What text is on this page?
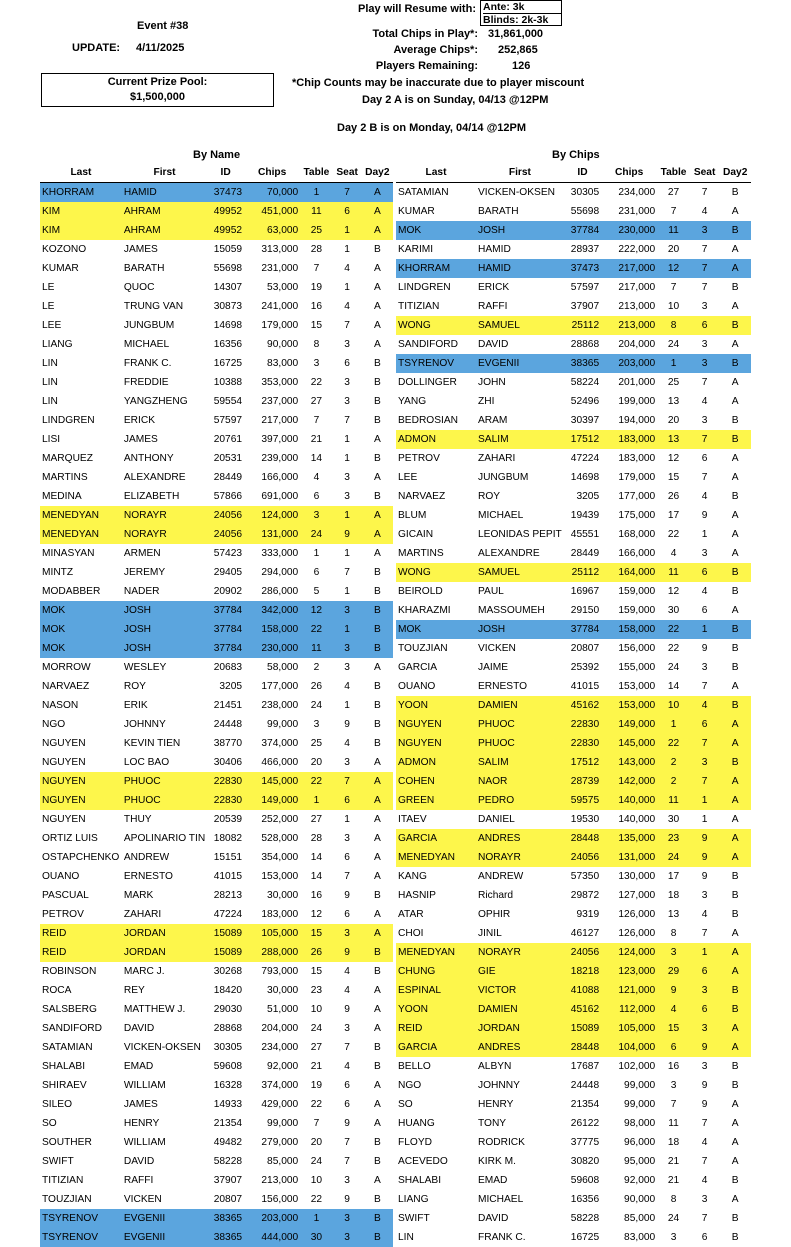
Event #38
UPDATE: 4/11/2025
Current Prize Pool:
$1,500,000
Play will Resume with: Ante: 3k
Blinds: 2k-3k
Total Chips in Play*: 31,861,000
Average Chips*: 252,865
Players Remaining:	126
*Chip Counts may be inaccurate due to player miscount
Day 2 A is on Sunday, 04/13 @12PM
Day 2 B is on Monday, 04/14 @12PM
By Name	By Chips
Last	First	ID	Chips	Table	Seat	Day2
KHORRAM	HAMID	37473	70,000	1	7	A
KIM	AHRAM	49952	451,000	11	6	A
KIM	AHRAM	49952	63,000	25	1	A
KOZONO	JAMES	15059	313,000	28	1	B
KUMAR	BARATH	55698	231,000	7	4	A
LE	QUOC	14307	53,000	19	1	A
LE	TRUNG VAN	30873	241,000	16	4	A
LEE	JUNGBUM	14698	179,000	15	7	A
LIANG	MICHAEL	16356	90,000	8	3	A
LIN	FRANK C.	16725	83,000	3	6	B
LIN	FREDDIE	10388	353,000	22	3	B
LIN	YANGZHENG	59554	237,000	27	3	B
LINDGREN	ERICK	57597	217,000	7	7	B
LISI	JAMES	20761	397,000	21	1	A
MARQUEZ	ANTHONY	20531	239,000	14	1	B
MARTINS	ALEXANDRE	28449	166,000	4	3	A
MEDINA	ELIZABETH	57866	691,000	6	3	B
MENEDYAN	NORAYR	24056	124,000	3	1	A
MENEDYAN	NORAYR	24056	131,000	24	9	A
MINASYAN	ARMEN	57423	333,000	1	1	A
MINTZ	JEREMY	29405	294,000	6	7	B
MODABBER	NADER	20902	286,000	5	1	B
MOK	JOSH	37784	342,000	12	3	B
MOK	JOSH	37784	158,000	22	1	B
MOK	JOSH	37784	230,000	11	3	B
MORROW	WESLEY	20683	58,000	2	3	A
NARVAEZ	ROY	3205	177,000	26	4	B
NASON	ERIK	21451	238,000	24	1	B
NGO	JOHNNY	24448	99,000	3	9	B
NGUYEN	KEVIN TIEN	38770	374,000	25	4	B
NGUYEN	LOC BAO	30406	466,000	20	3	A
NGUYEN	PHUOC	22830	145,000	22	7	A
NGUYEN	PHUOC	22830	149,000	1	6	A
NGUYEN	THUY	20539	252,000	27	1	A
ORTIZ LUIS	APOLINARIO TIN	18082	528,000	28	3	A
OSTAPCHENKO	ANDREW	15151	354,000	14	6	A
OUANO	ERNESTO	41015	153,000	14	7	A
PASCUAL	MARK	28213	30,000	16	9	B
PETROV	ZAHARI	47224	183,000	12	6	A
REID	JORDAN	15089	105,000	15	3	A
REID	JORDAN	15089	288,000	26	9	B
ROBINSON	MARC J.	30268	793,000	15	4	B
ROCA	REY	18420	30,000	23	4	A
SALSBERG	MATTHEW J.	29030	51,000	10	9	A
SANDIFORD	DAVID	28868	204,000	24	3	A
SATAMIAN	VICKEN-OKSEN	30305	234,000	27	7	B
SHALABI	EMAD	59608	92,000	21	4	B
SHIRAEV	WILLIAM	16328	374,000	19	6	A
SILEO	JAMES	14933	429,000	22	6	A
SO	HENRY	21354	99,000	7	9	A
SOUTHER	WILLIAM	49482	279,000	20	7	B
SWIFT	DAVID	58228	85,000	24	7	B
TITIZIAN	RAFFI	37907	213,000	10	3	A
TOUZJIAN	VICKEN	20807	156,000	22	9	B
TSYRENOV	EVGENII	38365	203,000	1	3	B
TSYRENOV	EVGENII	38365	444,000	30	3	B
Last	First	ID	Chips	Table	Seat	Day2
SATAMIAN	VICKEN-OKSEN	30305	234,000	27	7	B
KUMAR	BARATH	55698	231,000	7	4	A
MOK	JOSH	37784	230,000	11	3	B
KARIMI	HAMID	28937	222,000	20	7	A
KHORRAM	HAMID	37473	217,000	12	7	A
LINDGREN	ERICK	57597	217,000	7	7	B
TITIZIAN	RAFFI	37907	213,000	10	3	A
WONG	SAMUEL	25112	213,000	8	6	B
SANDIFORD	DAVID	28868	204,000	24	3	A
TSYRENOV	EVGENII	38365	203,000	1	3	B
DOLLINGER	JOHN	58224	201,000	25	7	A
YANG	ZHI	52496	199,000	13	4	A
BEDROSIAN	ARAM	30397	194,000	20	3	B
ADMON	SALIM	17512	183,000	13	7	B
PETROV	ZAHARI	47224	183,000	12	6	A
LEE	JUNGBUM	14698	179,000	15	7	A
NARVAEZ	ROY	3205	177,000	26	4	B
BLUM	MICHAEL	19439	175,000	17	9	A
GICAIN	LEONIDAS PEPIT	45551	168,000	22	1	A
MARTINS	ALEXANDRE	28449	166,000	4	3	A
WONG	SAMUEL	25112	164,000	11	6	B
BEIROLD	PAUL	16967	159,000	12	4	B
KHARAZMI	MASSOUMEH	29150	159,000	30	6	A
MOK	JOSH	37784	158,000	22	1	B
TOUZJIAN	VICKEN	20807	156,000	22	9	B
GARCIA	JAIME	25392	155,000	24	3	B
OUANO	ERNESTO	41015	153,000	14	7	A
YOON	DAMIEN	45162	153,000	10	4	B
NGUYEN	PHUOC	22830	149,000	1	6	A
NGUYEN	PHUOC	22830	145,000	22	7	A
ADMON	SALIM	17512	143,000	2	3	B
COHEN	NAOR	28739	142,000	2	7	A
GREEN	PEDRO	59575	140,000	11	1	A
ITAEV	DANIEL	19530	140,000	30	1	A
GARCIA	ANDRES	28448	135,000	23	9	A
MENEDYAN	NORAYR	24056	131,000	24	9	A
KANG	ANDREW	57350	130,000	17	9	B
HASNIP	Richard	29872	127,000	18	3	B
ATAR	OPHIR	9319	126,000	13	4	B
CHOI	JINIL	46127	126,000	8	7	A
MENEDYAN	NORAYR	24056	124,000	3	1	A
CHUNG	GIE	18218	123,000	29	6	A
ESPINAL	VICTOR	41088	121,000	9	3	B
YOON	DAMIEN	45162	112,000	4	6	B
REID	JORDAN	15089	105,000	15	3	A
GARCIA	ANDRES	28448	104,000	6	9	A
BELLO	ALBYN	17687	102,000	16	3	B
NGO	JOHNNY	24448	99,000	3	9	B
SO	HENRY	21354	99,000	7	9	A
HUANG	TONY	26122	98,000	11	7	A
FLOYD	RODRICK	37775	96,000	18	4	A
ACEVEDO	KIRK M.	30820	95,000	21	7	A
SHALABI	EMAD	59608	92,000	21	4	B
LIANG	MICHAEL	16356	90,000	8	3	A
SWIFT	DAVID	58228	85,000	24	7	B
LIN	FRANK C.	16725	83,000	3	6	B
